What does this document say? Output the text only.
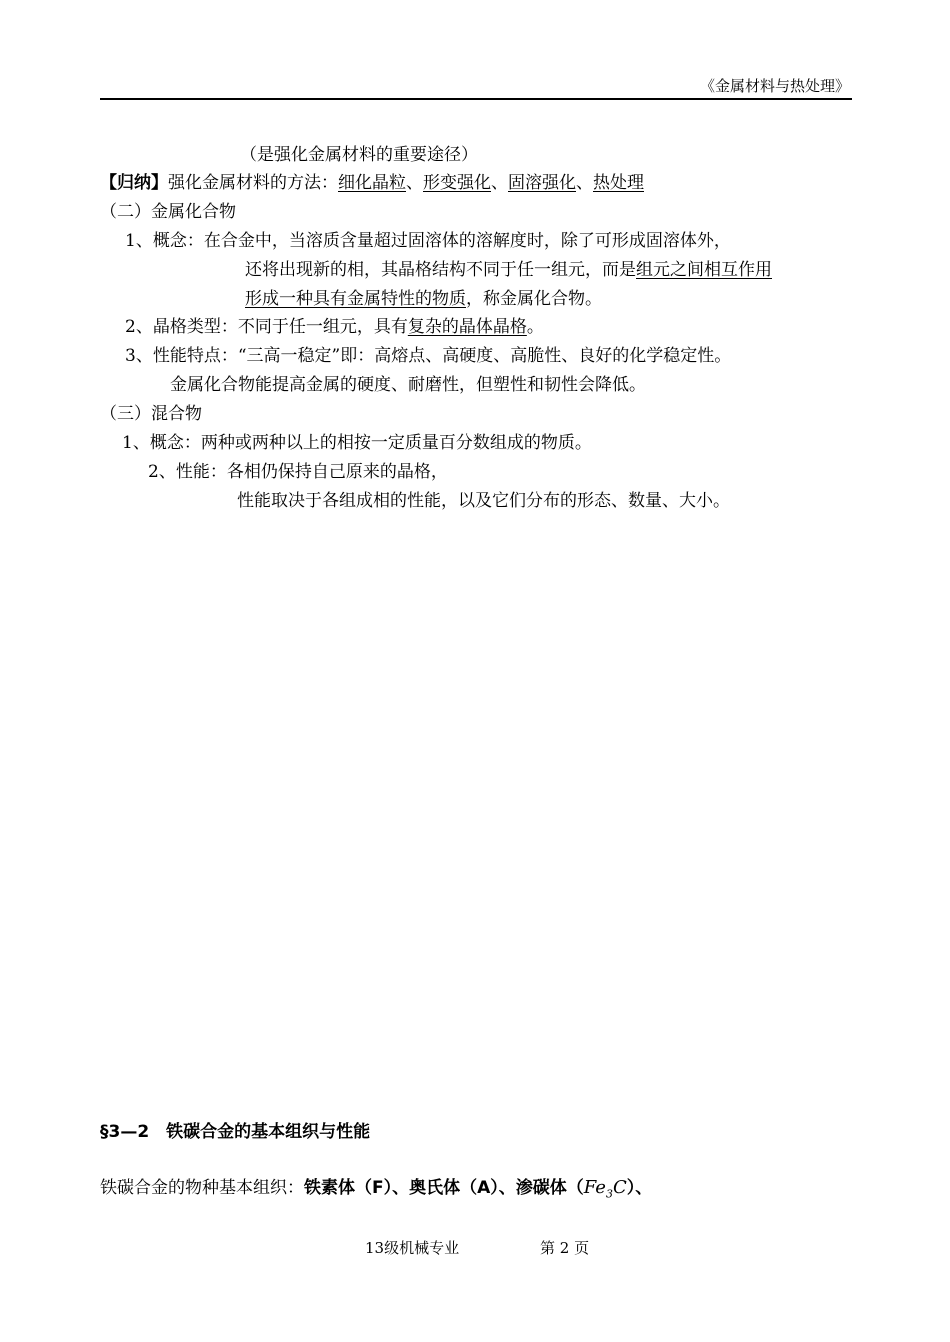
《金属材料与热处理》
（是强化金属材料的重要途径）
【归纳】强化金属材料的方法：细化晶粒、形变强化、固溶强化、热处理
（二）金属化合物
1、概念：在合金中，当溶质含量超过固溶体的溶解度时，除了可形成固溶体外，
还将出现新的相，其晶格结构不同于任一组元，而是组元之间相互作用
形成一种具有金属特性的物质，称金属化合物。
2、晶格类型：不同于任一组元，具有复杂的晶体晶格。
3、性能特点：“三高一稳定”即：高熔点、高硬度、高脆性、良好的化学稳定性。
金属化合物能提高金属的硬度、耐磨性，但塑性和韧性会降低。
（三）混合物
1、概念：两种或两种以上的相按一定质量百分数组成的物质。
2、性能：各相仍保持自己原来的晶格，
性能取决于各组成相的性能，以及它们分布的形态、数量、大小。
§3—2　铁碳合金的基本组织与性能
铁碳合金的物种基本组织：铁素体（F）、奥氏体（A）、渗碳体$(Fe_3C)$、
13级机械专业	第 2 页
